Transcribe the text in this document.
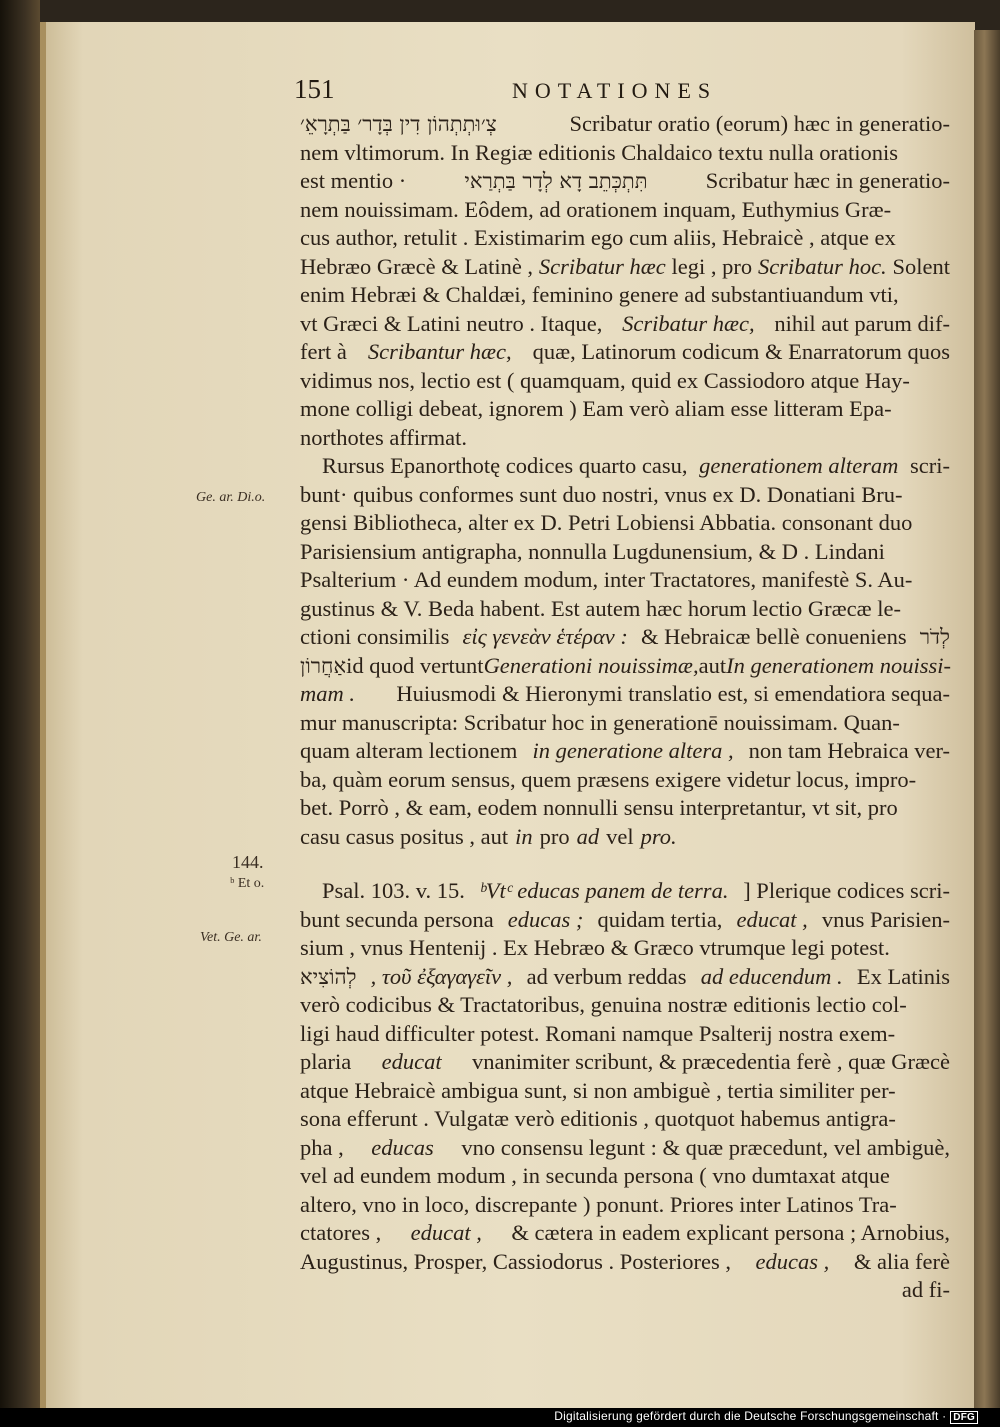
151	NOTATIONES
Ge. ar. Di.o.
144.
ᵇ Et o.
Vet. Ge. ar.
צְ׳וּתְתְהוֹן דִין בְּדָר׳ בַּתְרָאֵ׳	Scribatur oratio (eorum) hæc in generatio-
nem vltimorum. In Regiæ editionis Chaldaico textu nulla orationis
est mentio ·	תִּתְכְּתֵב דָא לְדָר בַּתְרַאי	Scribatur hæc in generatio-
nem nouissimam. Eôdem, ad orationem inquam, Euthymius Græ-
cus author, retulit . Existimarim ego cum aliis, Hebraicè , atque ex
Hebræo Græcè & Latinè , Scribatur hæc legi , pro Scribatur hoc. Solent
enim Hebræi & Chaldæi, feminino genere ad substantiuandum vti,
vt Græci & Latini neutro . Itaque, Scribatur hæc, nihil aut parum dif-
fert à Scribantur hæc, quæ, Latinorum codicum & Enarratorum quos
vidimus nos, lectio est ( quamquam, quid ex Cassiodoro atque Hay-
mone colligi debeat, ignorem ) Eam verò aliam esse litteram Epa-
northotes affirmat.
Rursus Epanorthotę codices quarto casu, generationem alteram scri-
bunt· quibus conformes sunt duo nostri, vnus ex D. Donatiani Bru-
gensi Bibliotheca, alter ex D. Petri Lobiensi Abbatia. consonant duo
Parisiensium antigrapha, nonnulla Lugdunensium, & D . Lindani
Psalterium · Ad eundem modum, inter Tractatores, manifestè S. Au-
gustinus & V. Beda habent. Est autem hæc horum lectio Græcæ le-
ctioni consimilis εἰς γενεὰν ἑτέραν : & Hebraicæ bellè conueniens לְדֹר
אַחֲרוֹן id quod vertunt Generationi nouissimæ, aut In generationem nouissi-
mam . Huiusmodi & Hieronymi translatio est, si emendatiora sequa-
mur manuscripta: Scribatur hoc in generationē nouissimam. Quan-
quam alteram lectionem in generatione altera , non tam Hebraica ver-
ba, quàm eorum sensus, quem præsens exigere videtur locus, impro-
bet. Porrò , & eam, eodem nonnulli sensu interpretantur, vt sit, pro
casu casus positus , aut in pro ad vel pro.
Psal. 103. v. 15. ᵇVtᶜ educas panem de terra. ] Plerique codices scri-
bunt secunda persona educas ; quidam tertia, educat , vnus Parisien-
sium , vnus Hentenij . Ex Hebræo & Græco vtrumque legi potest.
לְהוֹצִיא , τοῦ ἐξαγαγεῖν , ad verbum reddas ad educendum . Ex Latinis
verò codicibus & Tractatoribus, genuina nostræ editionis lectio col-
ligi haud difficulter potest. Romani namque Psalterij nostra exem-
plaria educat vnanimiter scribunt, & præcedentia ferè , quæ Græcè
atque Hebraicè ambigua sunt, si non ambiguè , tertia similiter per-
sona efferunt . Vulgatæ verò editionis , quotquot habemus antigra-
pha , educas vno consensu legunt : & quæ præcedunt, vel ambiguè,
vel ad eundem modum , in secunda persona ( vno dumtaxat atque
altero, vno in loco, discrepante ) ponunt. Priores inter Latinos Tra-
ctatores , educat , & cætera in eadem explicant persona ; Arnobius,
Augustinus, Prosper, Cassiodorus . Posteriores , educas , & alia ferè
ad fi-
Digitalisierung gefördert durch die Deutsche Forschungsgemeinschaft · DFG
